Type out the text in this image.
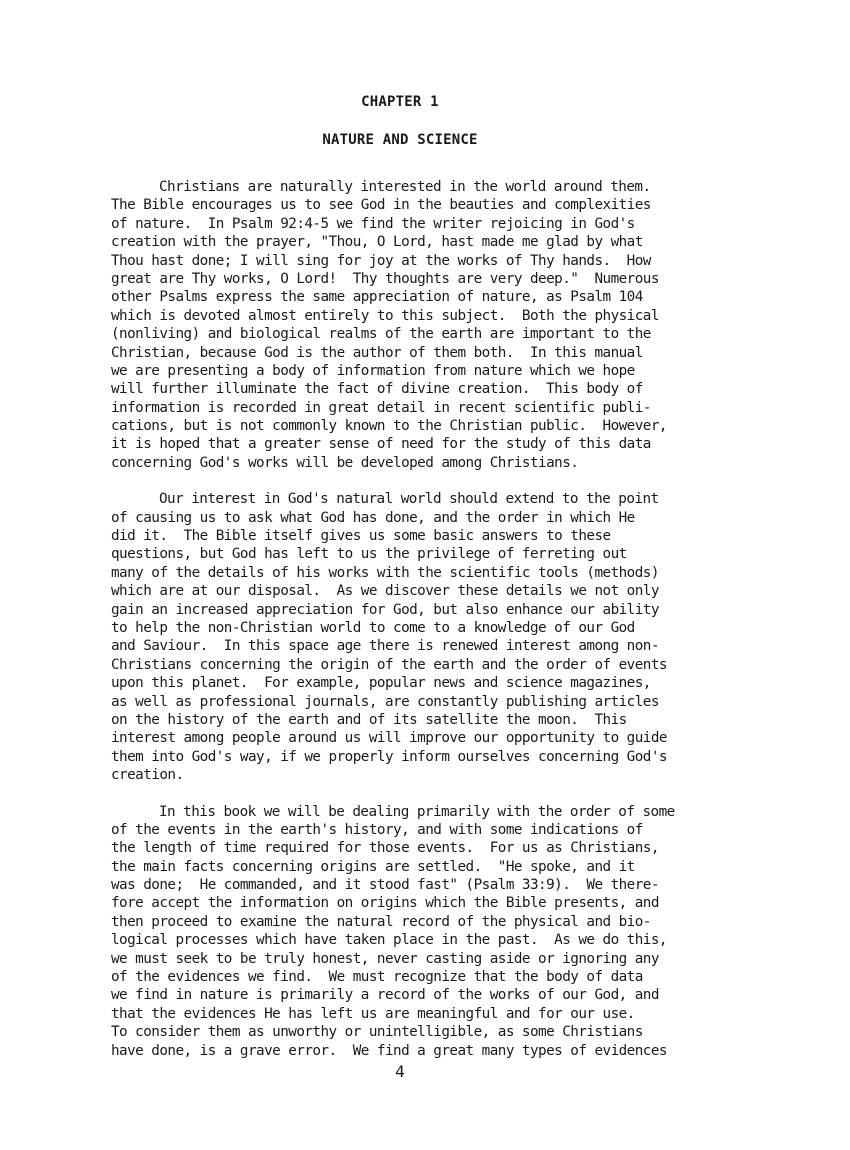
CHAPTER 1
NATURE AND SCIENCE
Christians are naturally interested in the world around them.
The Bible encourages us to see God in the beauties and complexities
of nature.  In Psalm 92:4-5 we find the writer rejoicing in God's
creation with the prayer, "Thou, O Lord, hast made me glad by what
Thou hast done; I will sing for joy at the works of Thy hands.  How
great are Thy works, O Lord!  Thy thoughts are very deep."  Numerous
other Psalms express the same appreciation of nature, as Psalm 104
which is devoted almost entirely to this subject.  Both the physical
(nonliving) and biological realms of the earth are important to the
Christian, because God is the author of them both.  In this manual
we are presenting a body of information from nature which we hope
will further illuminate the fact of divine creation.  This body of
information is recorded in great detail in recent scientific publi-
cations, but is not commonly known to the Christian public.  However,
it is hoped that a greater sense of need for the study of this data
concerning God's works will be developed among Christians.
Our interest in God's natural world should extend to the point
of causing us to ask what God has done, and the order in which He
did it.  The Bible itself gives us some basic answers to these
questions, but God has left to us the privilege of ferreting out
many of the details of his works with the scientific tools (methods)
which are at our disposal.  As we discover these details we not only
gain an increased appreciation for God, but also enhance our ability
to help the non-Christian world to come to a knowledge of our God
and Saviour.  In this space age there is renewed interest among non-
Christians concerning the origin of the earth and the order of events
upon this planet.  For example, popular news and science magazines,
as well as professional journals, are constantly publishing articles
on the history of the earth and of its satellite the moon.  This
interest among people around us will improve our opportunity to guide
them into God's way, if we properly inform ourselves concerning God's
creation.
In this book we will be dealing primarily with the order of some
of the events in the earth's history, and with some indications of
the length of time required for those events.  For us as Christians,
the main facts concerning origins are settled.  "He spoke, and it
was done;  He commanded, and it stood fast" (Psalm 33:9).  We there-
fore accept the information on origins which the Bible presents, and
then proceed to examine the natural record of the physical and bio-
logical processes which have taken place in the past.  As we do this,
we must seek to be truly honest, never casting aside or ignoring any
of the evidences we find.  We must recognize that the body of data
we find in nature is primarily a record of the works of our God, and
that the evidences He has left us are meaningful and for our use.
To consider them as unworthy or unintelligible, as some Christians
have done, is a grave error.  We find a great many types of evidences
4
